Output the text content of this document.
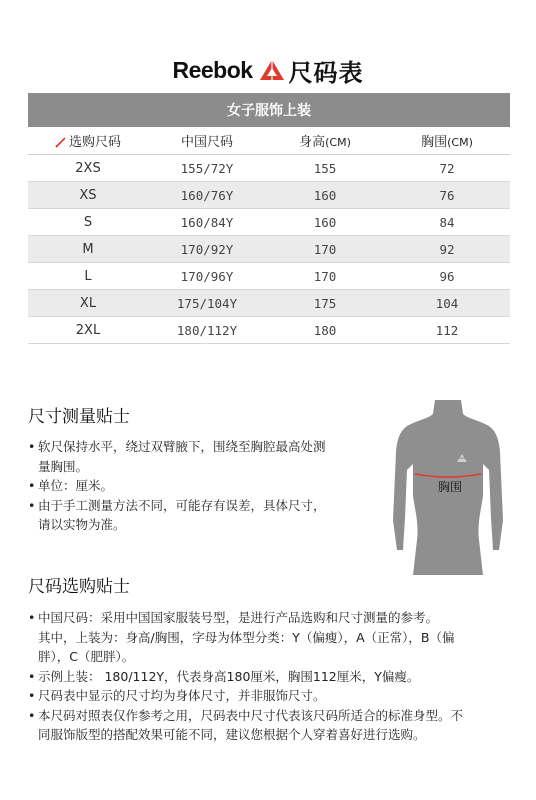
Reebok 尺码表
女子服饰上装
选购尺码	中国尺码	身高(CM)	胸围(CM)
2XS	155/72Y	155	72
XS	160/76Y	160	76
S	160/84Y	160	84
M	170/92Y	170	92
L	170/96Y	170	96
XL	175/104Y	175	104
2XL	180/112Y	180	112
尺寸测量贴士
• 软尺保持水平，绕过双臂腋下，围绕至胸腔最高处测
量胸围。
• 单位：厘米。
• 由于手工测量方法不同，可能存有误差，具体尺寸，
请以实物为准。
胸围
尺码选购贴士
• 中国尺码：采用中国国家服装号型，是进行产品选购和尺寸测量的参考。
其中，上装为：身高/胸围，字母为体型分类：Y（偏瘦），A（正常），B（偏
胖），C（肥胖）。
• 示例上装： 180/112Y，代表身高180厘米，胸围112厘米，Y偏瘦。
• 尺码表中显示的尺寸均为身体尺寸，并非服饰尺寸。
• 本尺码对照表仅作参考之用，尺码表中尺寸代表该尺码所适合的标准身型。不
同服饰版型的搭配效果可能不同，建议您根据个人穿着喜好进行选购。
